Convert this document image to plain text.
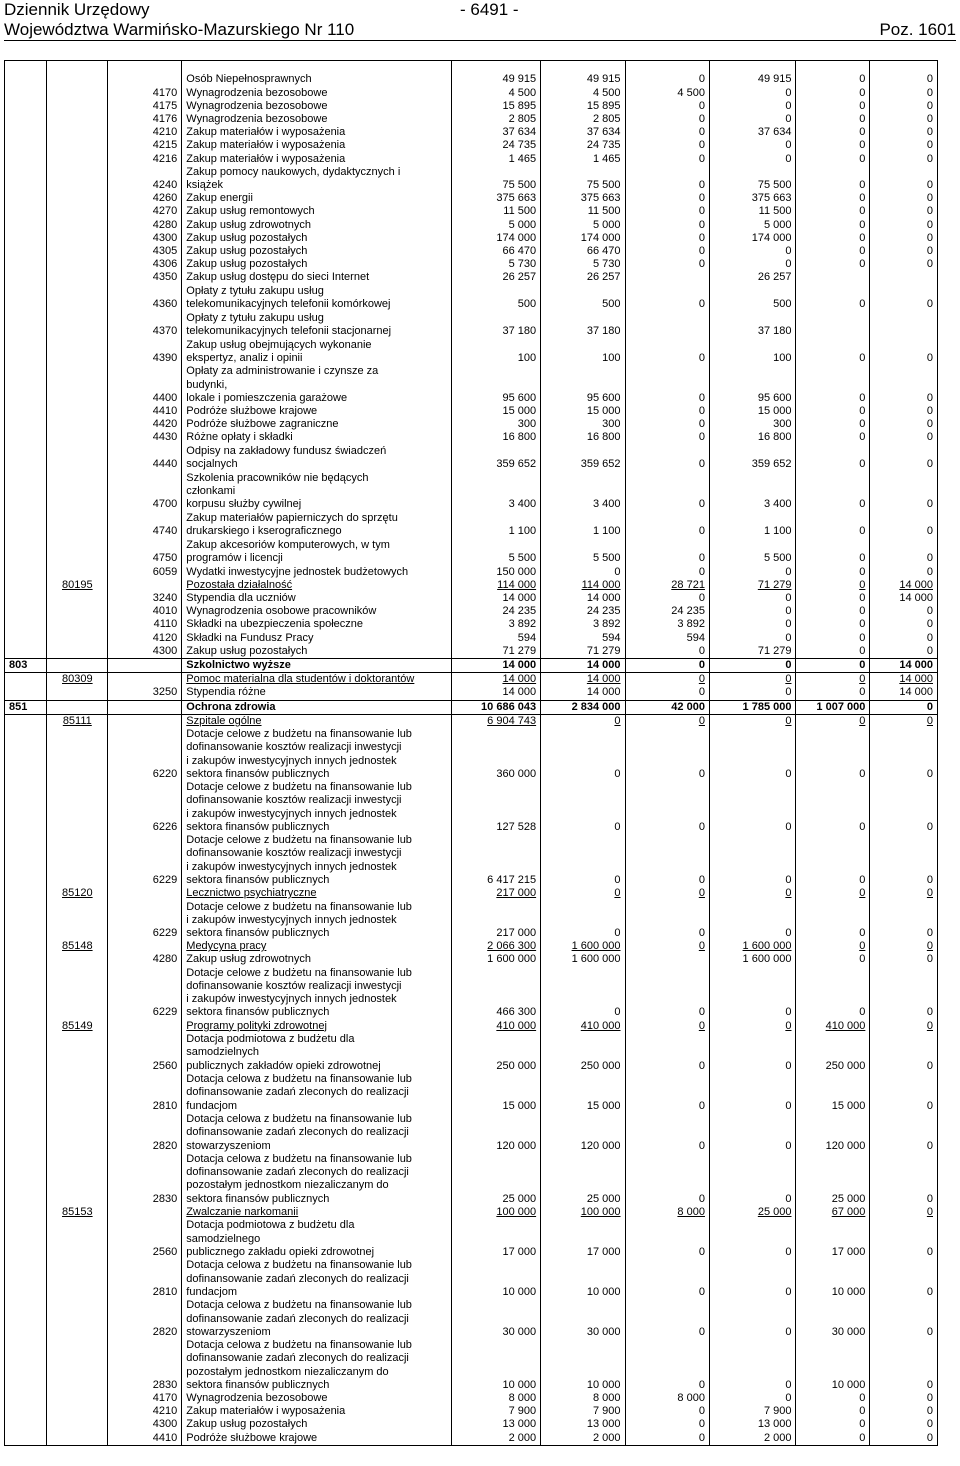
Dziennik Urzędowy	- 6491 -
Województwa Warmińsko-Mazurskiego Nr 110	Poz. 1601
			Osób Niepełnosprawnych	49 915	49 915	0	49 915	0	0
		4170	Wynagrodzenia bezosobowe	4 500	4 500	4 500	0	0	0
		4175	Wynagrodzenia bezosobowe	15 895	15 895	0	0	0	0
		4176	Wynagrodzenia bezosobowe	2 805	2 805	0	0	0	0
		4210	Zakup materiałów i wyposażenia	37 634	37 634	0	37 634	0	0
		4215	Zakup materiałów i wyposażenia	24 735	24 735	0	0	0	0
		4216	Zakup materiałów i wyposażenia	1 465	1 465	0	0	0	0
		4240	Zakup pomocy naukowych, dydaktycznych i
książek	75 500	75 500	0	75 500	0	0
		4260	Zakup energii	375 663	375 663	0	375 663	0	0
		4270	Zakup usług remontowych	11 500	11 500	0	11 500	0	0
		4280	Zakup usług zdrowotnych	5 000	5 000	0	5 000	0	0
		4300	Zakup usług pozostałych	174 000	174 000	0	174 000	0	0
		4305	Zakup usług pozostałych	66 470	66 470	0	0	0	0
		4306	Zakup usług pozostałych	5 730	5 730	0	0	0	0
		4350	Zakup usług dostępu do sieci Internet	26 257	26 257		26 257		
		4360	Opłaty z tytułu zakupu usług
telekomunikacyjnych telefonii komórkowej	500	500	0	500	0	0
		4370	Opłaty z tytułu zakupu usług
telekomunikacyjnych telefonii stacjonarnej	37 180	37 180		37 180		
		4390	Zakup usług obejmujących wykonanie
ekspertyz, analiz i opinii	100	100	0	100	0	0
		4400	Opłaty za administrowanie i czynsze za
budynki,
lokale i pomieszczenia garażowe	95 600	95 600	0	95 600	0	0
		4410	Podróże służbowe krajowe	15 000	15 000	0	15 000	0	0
		4420	Podróże służbowe zagraniczne	300	300	0	300	0	0
		4430	Różne opłaty i składki	16 800	16 800	0	16 800	0	0
		4440	Odpisy na zakładowy fundusz świadczeń
socjalnych	359 652	359 652	0	359 652	0	0
		4700	Szkolenia pracowników nie będących
członkami
korpusu służby cywilnej	3 400	3 400	0	3 400	0	0
		4740	Zakup materiałów papierniczych do sprzętu
drukarskiego i kserograficznego	1 100	1 100	0	1 100	0	0
		4750	Zakup akcesoriów komputerowych, w tym
programów i licencji	5 500	5 500	0	5 500	0	0
		6059	Wydatki inwestycyjne jednostek budżetowych	150 000	0	0	0	0	0
	80195		Pozostała działalność	114 000	114 000	28 721	71 279	0	14 000
		3240	Stypendia dla uczniów	14 000	14 000	0	0	0	14 000
		4010	Wynagrodzenia osobowe pracowników	24 235	24 235	24 235	0	0	0
		4110	Składki na ubezpieczenia społeczne	3 892	3 892	3 892	0	0	0
		4120	Składki na Fundusz Pracy	594	594	594	0	0	0
		4300	Zakup usług pozostałych	71 279	71 279	0	71 279	0	0
803			Szkolnictwo wyższe	14 000	14 000	0	0	0	14 000
	80309		Pomoc materialna dla studentów i doktorantów	14 000	14 000	0	0	0	14 000
		3250	Stypendia różne	14 000	14 000	0	0	0	14 000
851			Ochrona zdrowia	10 686 043	2 834 000	42 000	1 785 000	1 007 000	0
	85111		Szpitale ogólne	6 904 743	0	0	0	0	0
		6220	Dotacje celowe z budżetu na finansowanie lub
dofinansowanie kosztów realizacji inwestycji
i zakupów inwestycyjnych innych jednostek
sektora finansów publicznych	360 000	0	0	0	0	0
		6226	Dotacje celowe z budżetu na finansowanie lub
dofinansowanie kosztów realizacji inwestycji
i zakupów inwestycyjnych innych jednostek
sektora finansów publicznych	127 528	0	0	0	0	0
		6229	Dotacje celowe z budżetu na finansowanie lub
dofinansowanie kosztów realizacji inwestycji
i zakupów inwestycyjnych innych jednostek
sektora finansów publicznych	6 417 215	0	0	0	0	0
	85120		Lecznictwo psychiatryczne	217 000	0	0	0	0	0
		6229	Dotacje celowe z budżetu na finansowanie lub
i zakupów inwestycyjnych innych jednostek
sektora finansów publicznych	217 000	0	0	0	0	0
	85148		Medycyna pracy	2 066 300	1 600 000	0	1 600 000	0	0
		4280	Zakup usług zdrowotnych	1 600 000	1 600 000		1 600 000	0	0
		6229	Dotacje celowe z budżetu na finansowanie lub
dofinansowanie kosztów realizacji inwestycji
i zakupów inwestycyjnych innych jednostek
sektora finansów publicznych	466 300	0	0	0	0	0
	85149		Programy polityki zdrowotnej	410 000	410 000	0	0	410 000	0
		2560	Dotacja podmiotowa z budżetu dla
samodzielnych
publicznych zakładów opieki zdrowotnej	250 000	250 000	0	0	250 000	0
		2810	Dotacja celowa z budżetu na finansowanie lub
dofinansowanie zadań zleconych do realizacji
fundacjom	15 000	15 000	0	0	15 000	0
		2820	Dotacja celowa z budżetu na finansowanie lub
dofinansowanie zadań zleconych do realizacji
stowarzyszeniom	120 000	120 000	0	0	120 000	0
		2830	Dotacja celowa z budżetu na finansowanie lub
dofinansowanie zadań zleconych do realizacji
pozostałym jednostkom niezaliczanym do
sektora finansów publicznych	25 000	25 000	0	0	25 000	0
	85153		Zwalczanie narkomanii	100 000	100 000	8 000	25 000	67 000	0
		2560	Dotacja podmiotowa z budżetu dla
samodzielnego
publicznego zakładu opieki zdrowotnej	17 000	17 000	0	0	17 000	0
		2810	Dotacja celowa z budżetu na finansowanie lub
dofinansowanie zadań zleconych do realizacji
fundacjom	10 000	10 000	0	0	10 000	0
		2820	Dotacja celowa z budżetu na finansowanie lub
dofinansowanie zadań zleconych do realizacji
stowarzyszeniom	30 000	30 000	0	0	30 000	0
		2830	Dotacja celowa z budżetu na finansowanie lub
dofinansowanie zadań zleconych do realizacji
pozostałym jednostkom niezaliczanym do
sektora finansów publicznych	10 000	10 000	0	0	10 000	0
		4170	Wynagrodzenia bezosobowe	8 000	8 000	8 000	0	0	0
		4210	Zakup materiałów i wyposażenia	7 900	7 900	0	7 900	0	0
		4300	Zakup usług pozostałych	13 000	13 000	0	13 000	0	0
		4410	Podróże służbowe krajowe	2 000	2 000	0	2 000	0	0
